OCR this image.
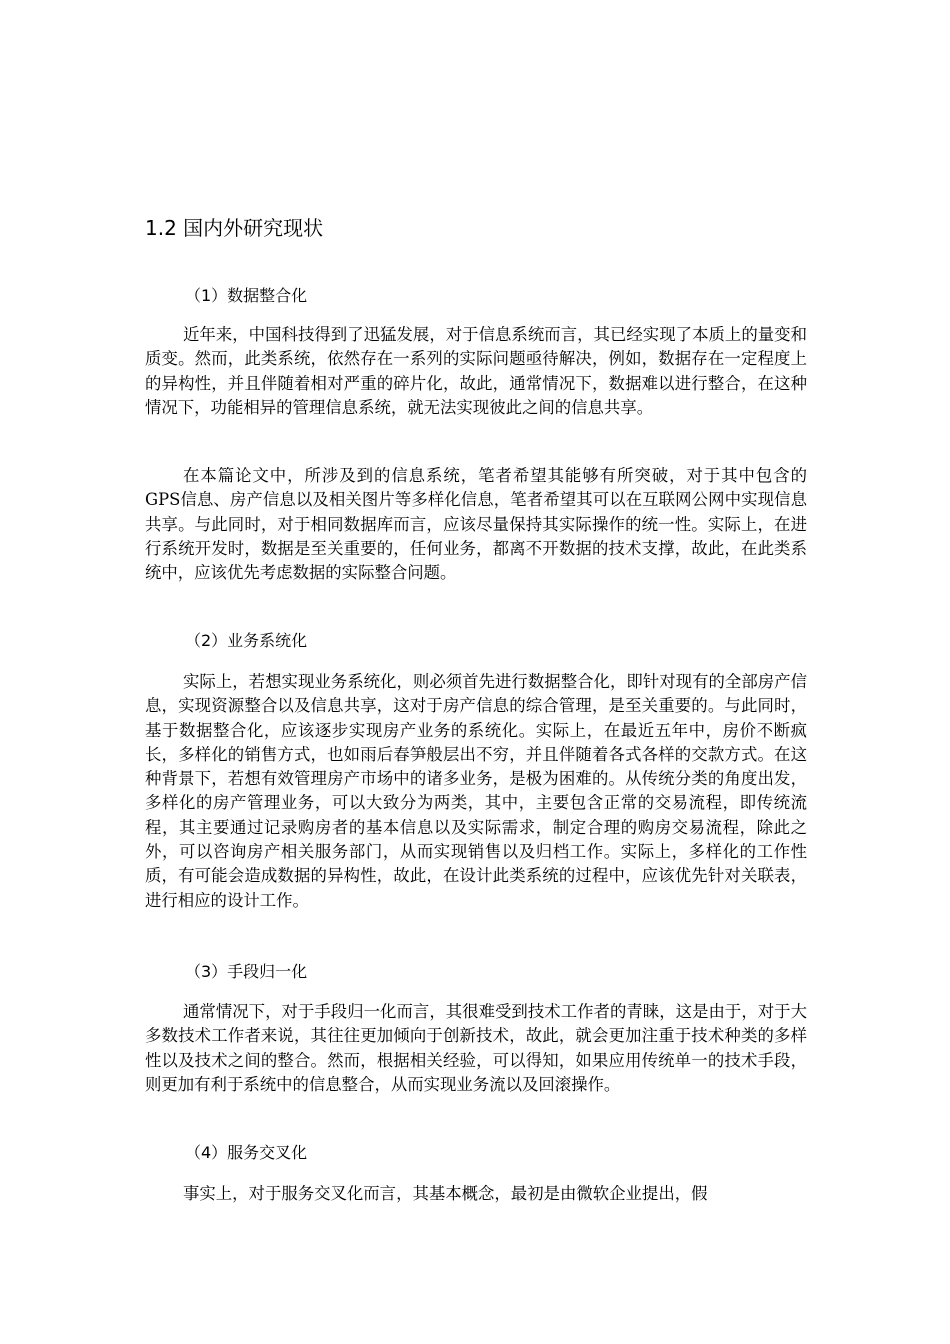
1.2 国内外研究现状
（1）数据整合化

近年来，中国科技得到了迅猛发展，对于信息系统而言，其已经实现了本质上的量变和质变。然而，此类系统，依然存在一系列的实际问题亟待解决，例如，数据存在一定程度上的异构性，并且伴随着相对严重的碎片化，故此，通常情况下，数据难以进行整合，在这种情况下，功能相异的管理信息系统，就无法实现彼此之间的信息共享。

在本篇论文中，所涉及到的信息系统，笔者希望其能够有所突破，对于其中包含的GPS信息、房产信息以及相关图片等多样化信息，笔者希望其可以在互联网公网中实现信息共享。与此同时，对于相同数据库而言，应该尽量保持其实际操作的统一性。实际上，在进行系统开发时，数据是至关重要的，任何业务，都离不开数据的技术支撑，故此，在此类系统中，应该优先考虑数据的实际整合问题。

（2）业务系统化

实际上，若想实现业务系统化，则必须首先进行数据整合化，即针对现有的全部房产信息，实现资源整合以及信息共享，这对于房产信息的综合管理，是至关重要的。与此同时，基于数据整合化，应该逐步实现房产业务的系统化。实际上，在最近五年中，房价不断疯长，多样化的销售方式，也如雨后春笋般层出不穷，并且伴随着各式各样的交款方式。在这种背景下，若想有效管理房产市场中的诸多业务，是极为困难的。从传统分类的角度出发，多样化的房产管理业务，可以大致分为两类，其中，主要包含正常的交易流程，即传统流程，其主要通过记录购房者的基本信息以及实际需求，制定合理的购房交易流程，除此之外，可以咨询房产相关服务部门，从而实现销售以及归档工作。实际上，多样化的工作性质，有可能会造成数据的异构性，故此，在设计此类系统的过程中，应该优先针对关联表，进行相应的设计工作。

（3）手段归一化

通常情况下，对于手段归一化而言，其很难受到技术工作者的青睐，这是由于，对于大多数技术工作者来说，其往往更加倾向于创新技术，故此，就会更加注重于技术种类的多样性以及技术之间的整合。然而，根据相关经验，可以得知，如果应用传统单一的技术手段，则更加有利于系统中的信息整合，从而实现业务流以及回滚操作。

（4）服务交叉化

事实上，对于服务交叉化而言，其基本概念，最初是由微软企业提出，假
